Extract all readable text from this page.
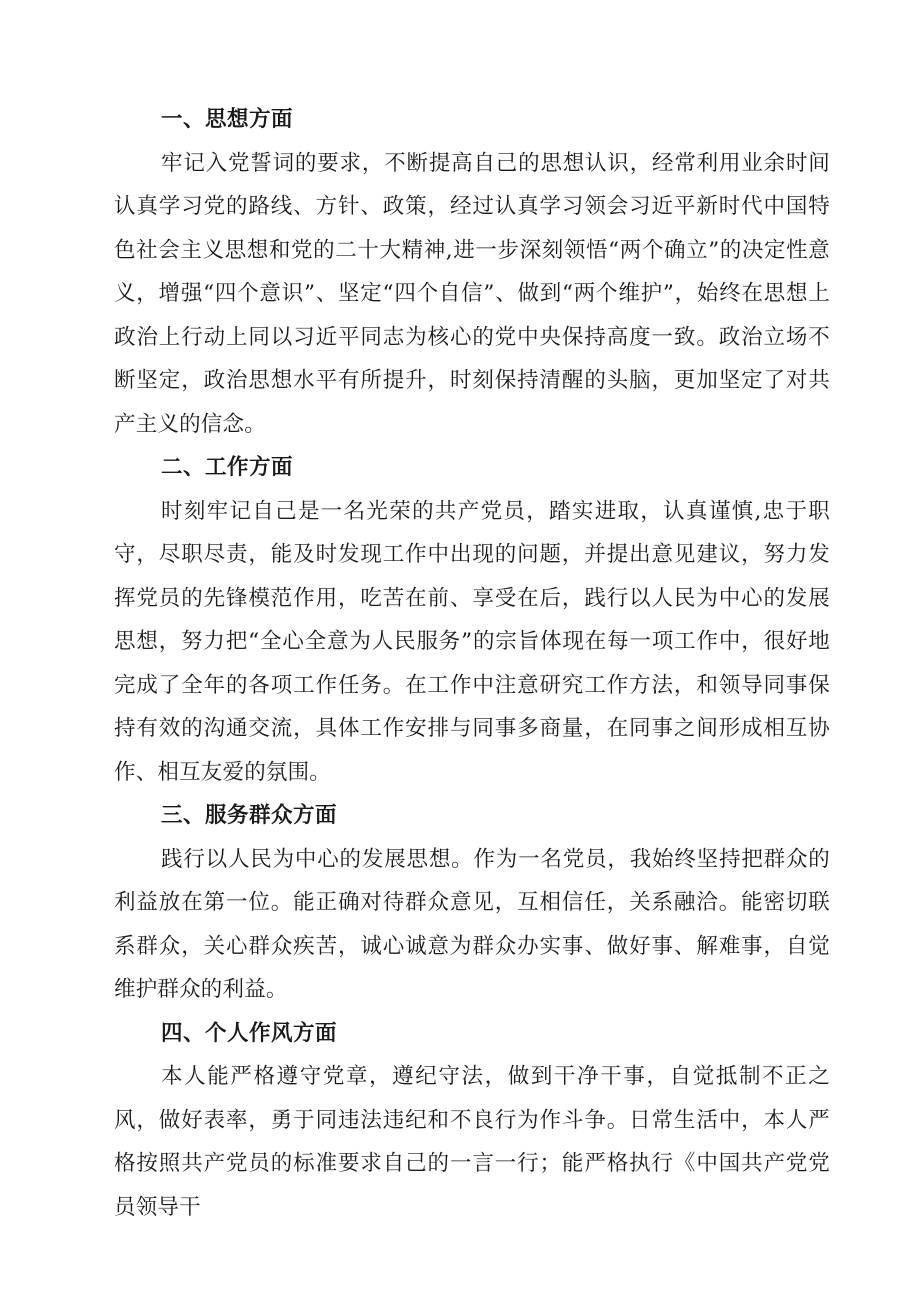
一、思想方面

牢记入党誓词的要求，不断提高自己的思想认识，经常利用业余时间认真学习党的路线、方针、政策，经过认真学习领会习近平新时代中国特色社会主义思想和党的二十大精神,进一步深刻领悟“两个确立”的决定性意义，增强“四个意识”、坚定“四个自信”、做到“两个维护”，始终在思想上政治上行动上同以习近平同志为核心的党中央保持高度一致。政治立场不断坚定，政治思想水平有所提升，时刻保持清醒的头脑，更加坚定了对共产主义的信念。

二、工作方面

时刻牢记自己是一名光荣的共产党员，踏实进取，认真谨慎,忠于职守，尽职尽责，能及时发现工作中出现的问题，并提出意见建议，努力发挥党员的先锋模范作用，吃苦在前、享受在后，践行以人民为中心的发展思想，努力把“全心全意为人民服务”的宗旨体现在每一项工作中，很好地完成了全年的各项工作任务。在工作中注意研究工作方法，和领导同事保持有效的沟通交流，具体工作安排与同事多商量，在同事之间形成相互协作、相互友爱的氛围。

三、服务群众方面

践行以人民为中心的发展思想。作为一名党员，我始终坚持把群众的利益放在第一位。能正确对待群众意见，互相信任，关系融洽。能密切联系群众，关心群众疾苦，诚心诚意为群众办实事、做好事、解难事，自觉维护群众的利益。

四、个人作风方面

本人能严格遵守党章，遵纪守法，做到干净干事，自觉抵制不正之风，做好表率，勇于同违法违纪和不良行为作斗争。日常生活中，本人严格按照共产党员的标准要求自己的一言一行；能严格执行《中国共产党党员领导干
